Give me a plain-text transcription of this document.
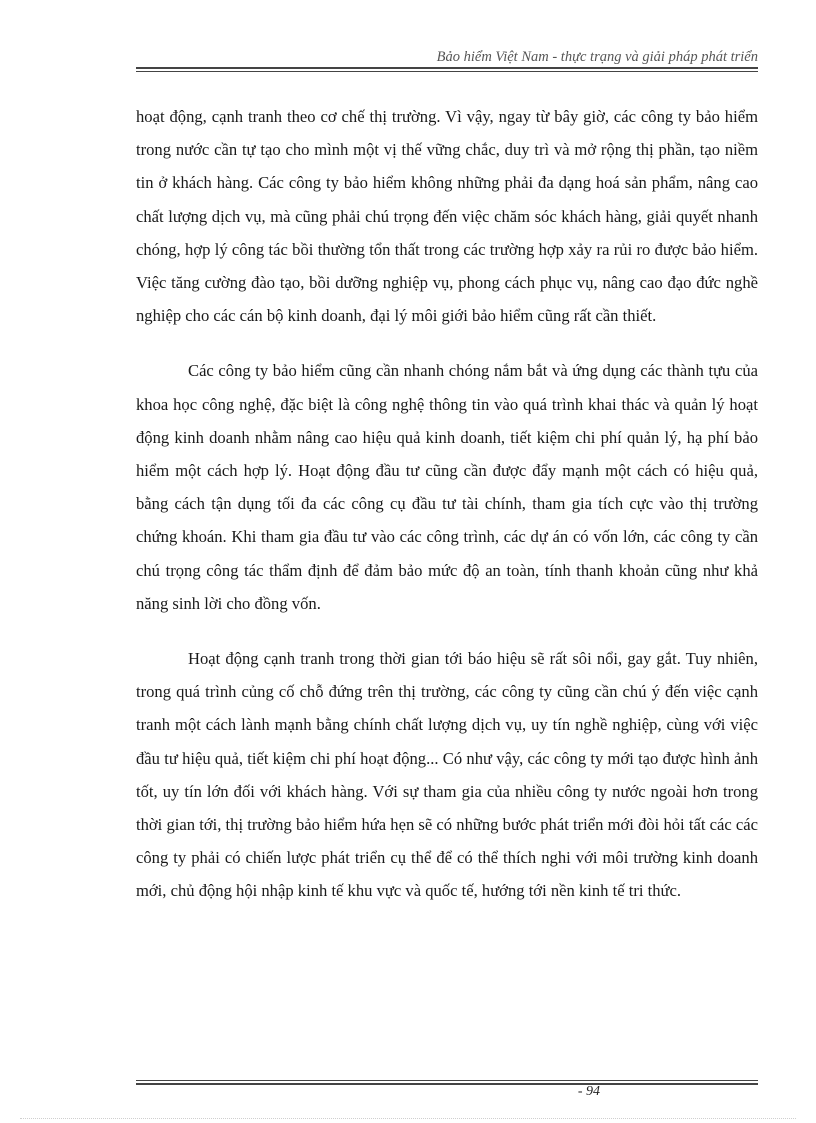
Bảo hiểm Việt Nam - thực trạng và giải pháp phát triển

hoạt động, cạnh tranh theo cơ chế thị trường. Vì vậy, ngay từ bây giờ, các công ty bảo hiểm trong nước cần tự tạo cho mình một vị thế vững chắc, duy trì và mở rộng thị phần, tạo niềm tin ở khách hàng. Các công ty bảo hiểm không những phải đa dạng hoá sản phẩm, nâng cao chất lượng dịch vụ, mà cũng phải chú trọng đến việc chăm sóc khách hàng, giải quyết nhanh chóng, hợp lý công tác bồi thường tổn thất trong các trường hợp xảy ra rủi ro được bảo hiểm. Việc tăng cường đào tạo, bồi dưỡng nghiệp vụ, phong cách phục vụ, nâng cao đạo đức nghề nghiệp cho các cán bộ kinh doanh, đại lý môi giới bảo hiểm cũng rất cần thiết.

Các công ty bảo hiểm cũng cần nhanh chóng nắm bắt và ứng dụng các thành tựu của khoa học công nghệ, đặc biệt là công nghệ thông tin vào quá trình khai thác và quản lý hoạt động kinh doanh nhằm nâng cao hiệu quả kinh doanh, tiết kiệm chi phí quản lý, hạ phí bảo hiểm một cách hợp lý. Hoạt động đầu tư cũng cần được đẩy mạnh một cách có hiệu quả, bằng cách tận dụng tối đa các công cụ đầu tư tài chính, tham gia tích cực vào thị trường chứng khoán. Khi tham gia đầu tư vào các công trình, các dự án có vốn lớn, các công ty cần chú trọng công tác thẩm định để đảm bảo mức độ an toàn, tính thanh khoản cũng như khả năng sinh lời cho đồng vốn.

Hoạt động cạnh tranh trong thời gian tới báo hiệu sẽ rất sôi nổi, gay gắt. Tuy nhiên, trong quá trình củng cố chỗ đứng trên thị trường, các công ty cũng cần chú ý đến việc cạnh tranh một cách lành mạnh bằng chính chất lượng dịch vụ, uy tín nghề nghiệp, cùng với việc đầu tư hiệu quả, tiết kiệm chi phí hoạt động... Có như vậy, các công ty mới tạo được hình ảnh tốt, uy tín lớn đối với khách hàng. Với sự tham gia của nhiều công ty nước ngoài hơn trong thời gian tới, thị trường bảo hiểm hứa hẹn sẽ có những bước phát triển mới đòi hỏi tất các các công ty phải có chiến lược phát triển cụ thể để có thể thích nghi với môi trường kinh doanh mới, chủ động hội nhập kinh tế khu vực và quốc tế, hướng tới nền kinh tế tri thức.

- 94
